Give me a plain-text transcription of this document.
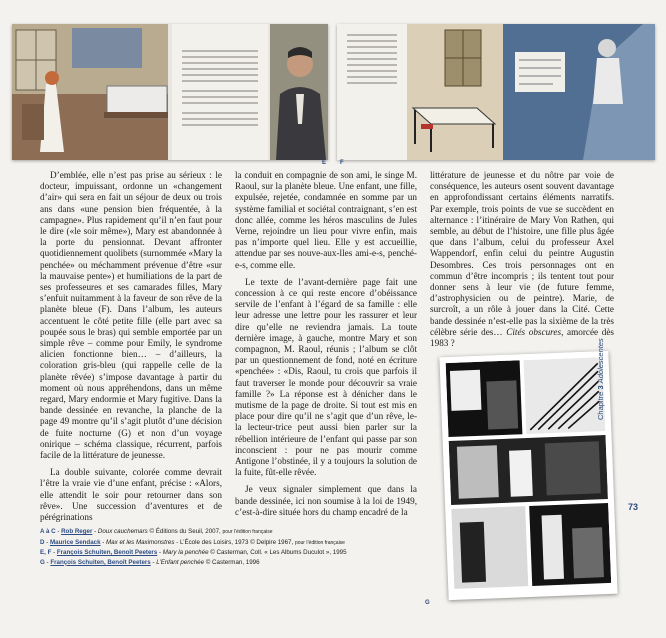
E F

D’emblée, elle n’est pas prise au sérieux : le docteur, impuissant, ordonne un «changement d’air» qui sera en fait un séjour de deux ou trois ans dans «une pension bien fréquentée, à la campagne». Plus rapidement qu’il n’en faut pour le dire («le soir même»), Mary est abandonnée à la porte du pensionnat. Devant affronter quotidiennement quolibets (surnommée «Mary la penchée» ou méchamment prévenue d’être «sur la mauvaise pente») et humiliations de la part de ses professeures et ses camarades filles, Mary s’enfuit nuitamment à la faveur de son rêve de la planète bleue (F). Dans l’album, les auteurs accentuent le côté petite fille (elle part avec sa poupée sous le bras) qui semble emportée par un simple rêve – comme pour Emily, le syndrome alicien fonctionne bien… – d’ailleurs, la coloration gris-bleu (qui rappelle celle de la planète rêvée) s’impose davantage à partir du moment où nous appréhendons, dans un même regard, Mary endormie et Mary fugitive. Dans la bande dessinée en revanche, la planche de la page 49 montre qu’il s’agit plutôt d’une décision de fuite nocturne (G) et non d’un voyage onirique – schéma classique, récurrent, parfois facile de la littérature de jeunesse.

La double suivante, colorée comme devrait l’être la vraie vie d’une enfant, précise : «Alors, elle attendit le soir pour retourner dans son rêve». Une succession d’aventures et de pérégrinations

la conduit en compagnie de son ami, le singe M. Raoul, sur la planète bleue. Une enfant, une fille, expulsée, rejetée, condamnée en somme par un système familial et sociétal contraignant, s’en est donc allée, comme les héros masculins de Jules Verne, rejoindre un lieu pour vivre enfin, mais pas n’importe quel lieu. Elle y est accueillie, attendue par ses nouve-aux-lles ami-e-s, penché-e-s, comme elle.

Le texte de l’avant-dernière page fait une concession à ce qui reste encore d’obéissance servile de l’enfant à l’égard de sa famille : elle leur adresse une lettre pour les rassurer et leur dire qu’elle ne reviendra jamais. La toute dernière image, à gauche, montre Mary et son compagnon, M. Raoul, réunis ; l’album se clôt par un questionnement de fond, noté en écriture «penchée» : «Dis, Raoul, tu crois que parfois il faut traverser le monde pour découvrir sa vraie famille ?» La réponse est à dénicher dans le mutisme de la page de droite. Si tout est mis en place pour dire qu’il ne s’agit que d’un rêve, le-la lecteur-trice peut aussi bien parler sur la rébellion intérieure de l’enfant qui passe par son inconscient : pour ne pas mourir comme Antigone l’obstinée, il y a toujours la solution de la fuite, fût-elle rêvée.

Je veux signaler simplement que dans la bande dessinée, ici non soumise à la loi de 1949, c’est-à-dire située hors du champ encadré de la

littérature de jeunesse et du nôtre par voie de conséquence, les auteurs osent souvent davantage en approfondissant certains éléments narratifs. Par exemple, trois points de vue se succèdent en alternance : l’itinéraire de Mary Von Rathen, qui semble, au début de l’histoire, une fille plus âgée que dans l’album, celui du professeur Axel Wappendorf, enfin celui du peintre Augustin Desombres. Ces trois personnages ont en commun d’être incompris ; ils tentent tout pour donner sens à leur vie (de future femme, d’astrophysicien ou de peintre). Marie, de surcroît, a un rôle à jouer dans la Cité. Cette bande dessinée n’est-elle pas la sixième de la très célèbre série des… Cités obscures, amorcée dès 1983 ?

G
Chapitre 3 Adolescentes
73
A à C - Rob Reger - Doux cauchemars © Éditions du Seuil, 2007, pour l’édition française
D - Maurice Sendack - Max et les Maximonstres - L’École des Loisirs, 1973 © Delpire 1967, pour l’édition française
E, F - François Schuiten, Benoît Peeters - Mary la penchée © Casterman, Coll. « Les Albums Duculot », 1995
G - François Schuiten, Benoît Peeters - L’Enfant penchée © Casterman, 1996
